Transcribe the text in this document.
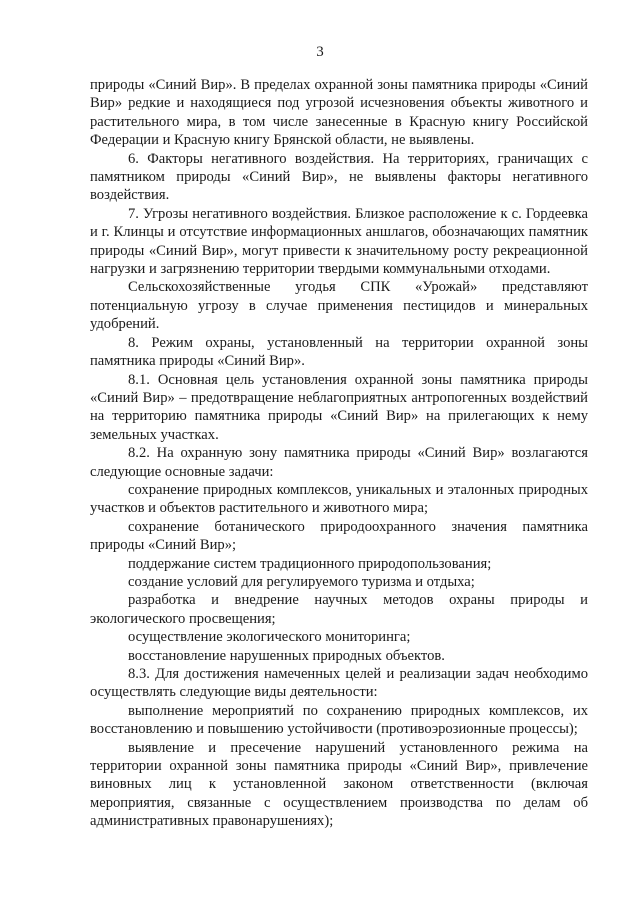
3

природы «Синий Вир». В пределах охранной зоны памятника природы «Синий Вир» редкие и находящиеся под угрозой исчезновения объекты животного и растительного мира, в том числе занесенные в Красную книгу Российской Федерации и Красную книгу Брянской области, не выявлены.

6. Факторы негативного воздействия. На территориях, граничащих с памятником природы «Синий Вир», не выявлены факторы негативного воздействия.

7. Угрозы негативного воздействия. Близкое расположение к с. Гордеевка и г. Клинцы и отсутствие информационных аншлагов, обозначающих памятник природы «Синий Вир», могут привести к значительному росту рекреационной нагрузки и загрязнению территории твердыми коммунальными отходами.

Сельскохозяйственные угодья СПК «Урожай» представляют потенциальную угрозу в случае применения пестицидов и минеральных удобрений.

8. Режим охраны, установленный на территории охранной зоны памятника природы «Синий Вир».

8.1. Основная цель установления охранной зоны памятника природы «Синий Вир» – предотвращение неблагоприятных антропогенных воздействий на территорию памятника природы «Синий Вир» на прилегающих к нему земельных участках.

8.2. На охранную зону памятника природы «Синий Вир» возлагаются следующие основные задачи:

сохранение природных комплексов, уникальных и эталонных природных участков и объектов растительного и животного мира;

сохранение ботанического природоохранного значения памятника природы «Синий Вир»;

поддержание систем традиционного природопользования;

создание условий для регулируемого туризма и отдыха;

разработка и внедрение научных методов охраны природы и экологического просвещения;

осуществление экологического мониторинга;

восстановление нарушенных природных объектов.

8.3. Для достижения намеченных целей и реализации задач необходимо осуществлять следующие виды деятельности:

выполнение мероприятий по сохранению природных комплексов, их восстановлению и повышению устойчивости (противоэрозионные процессы);

выявление и пресечение нарушений установленного режима на территории охранной зоны памятника природы «Синий Вир», привлечение виновных лиц к установленной законом ответственности (включая мероприятия, связанные с осуществлением производства по делам об административных правонарушениях);
